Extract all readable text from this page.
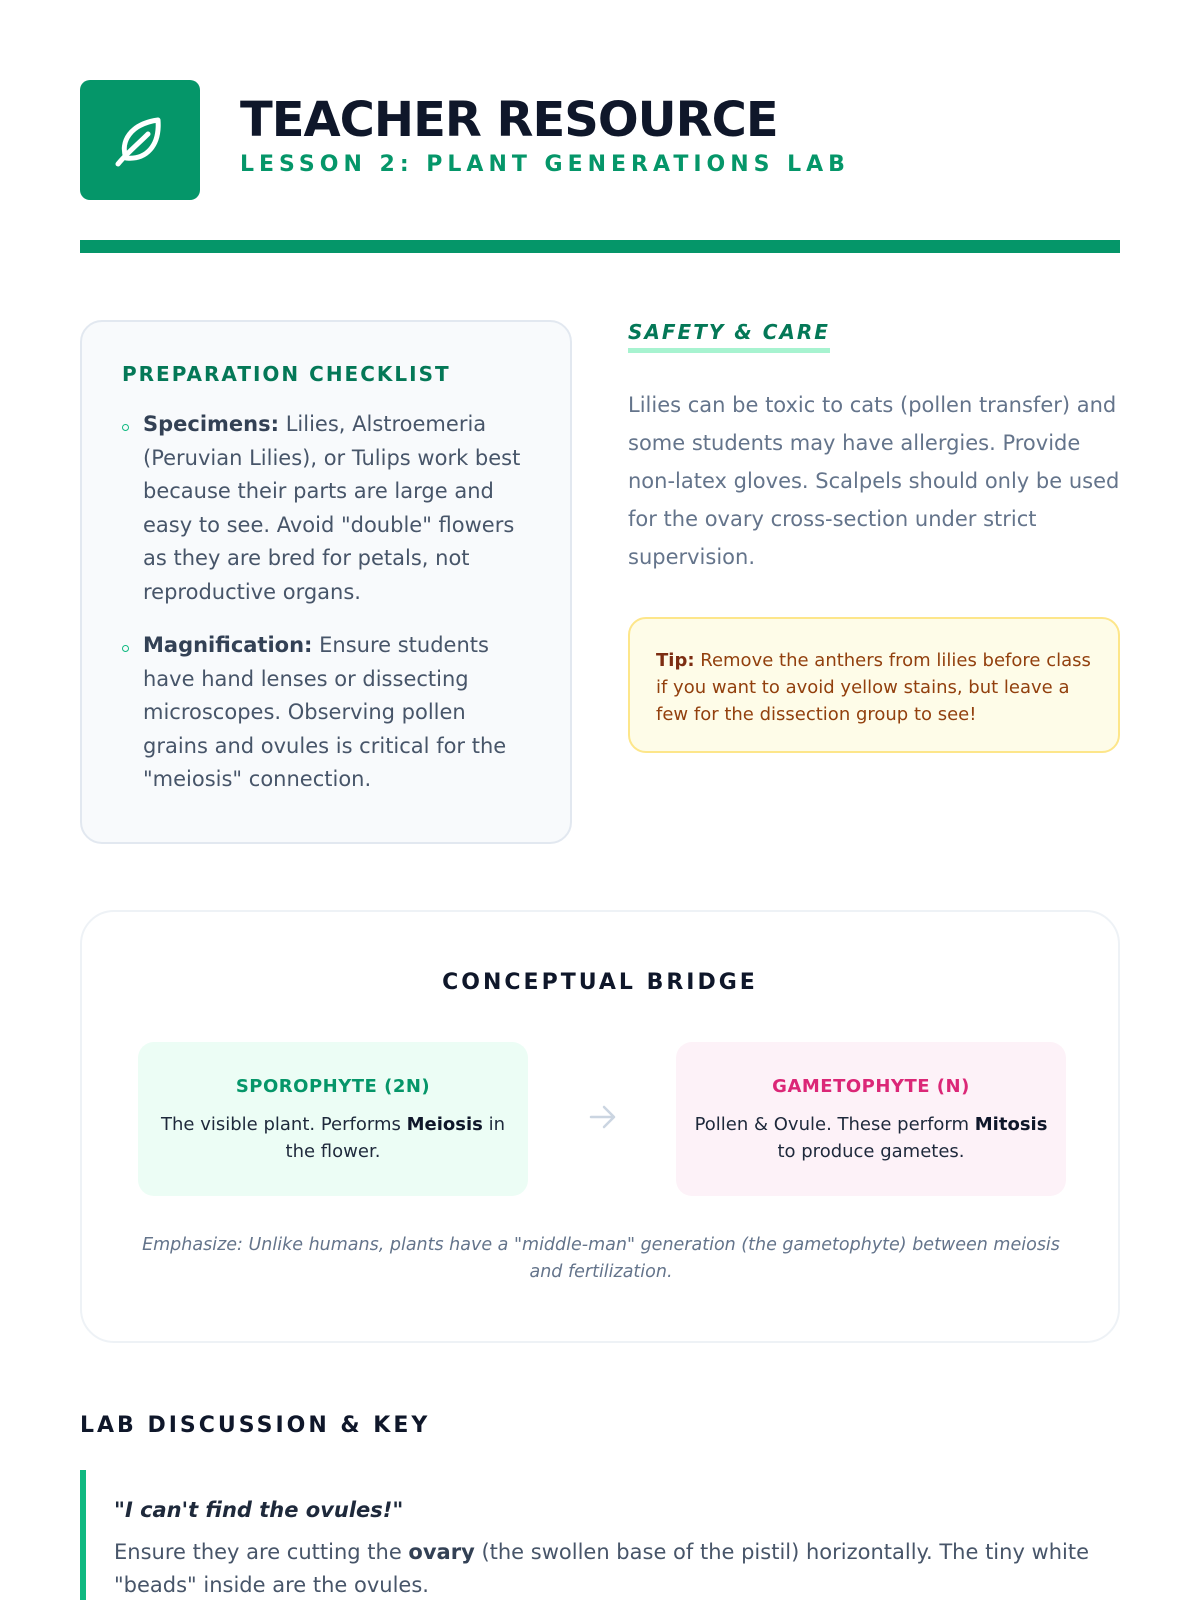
TEACHER RESOURCE
LESSON 2: PLANT GENERATIONS LAB
PREPARATION CHECKLIST
Specimens: Lilies, Alstroemeria (Peruvian Lilies), or Tulips work best because their parts are large and easy to see. Avoid "double" flowers as they are bred for petals, not reproductive organs.
Magnification: Ensure students have hand lenses or dissecting microscopes. Observing pollen grains and ovules is critical for the "meiosis" connection.
SAFETY & CARE

Lilies can be toxic to cats (pollen transfer) and some students may have allergies. Provide non-latex gloves. Scalpels should only be used for the ovary cross-section under strict supervision.

Tip: Remove the anthers from lilies before class if you want to avoid yellow stains, but leave a few for the dissection group to see!
CONCEPTUAL BRIDGE

SPOROPHYTE (2N)

The visible plant. Performs Meiosis in the flower.

GAMETOPHYTE (N)

Pollen & Ovule. These perform Mitosis to produce gametes.

Emphasize: Unlike humans, plants have a "middle-man" generation (the gametophyte) between meiosis and fertilization.

LAB DISCUSSION & KEY

"I can't find the ovules!"

Ensure they are cutting the ovary (the swollen base of the pistil) horizontally. The tiny white "beads" inside are the ovules.
